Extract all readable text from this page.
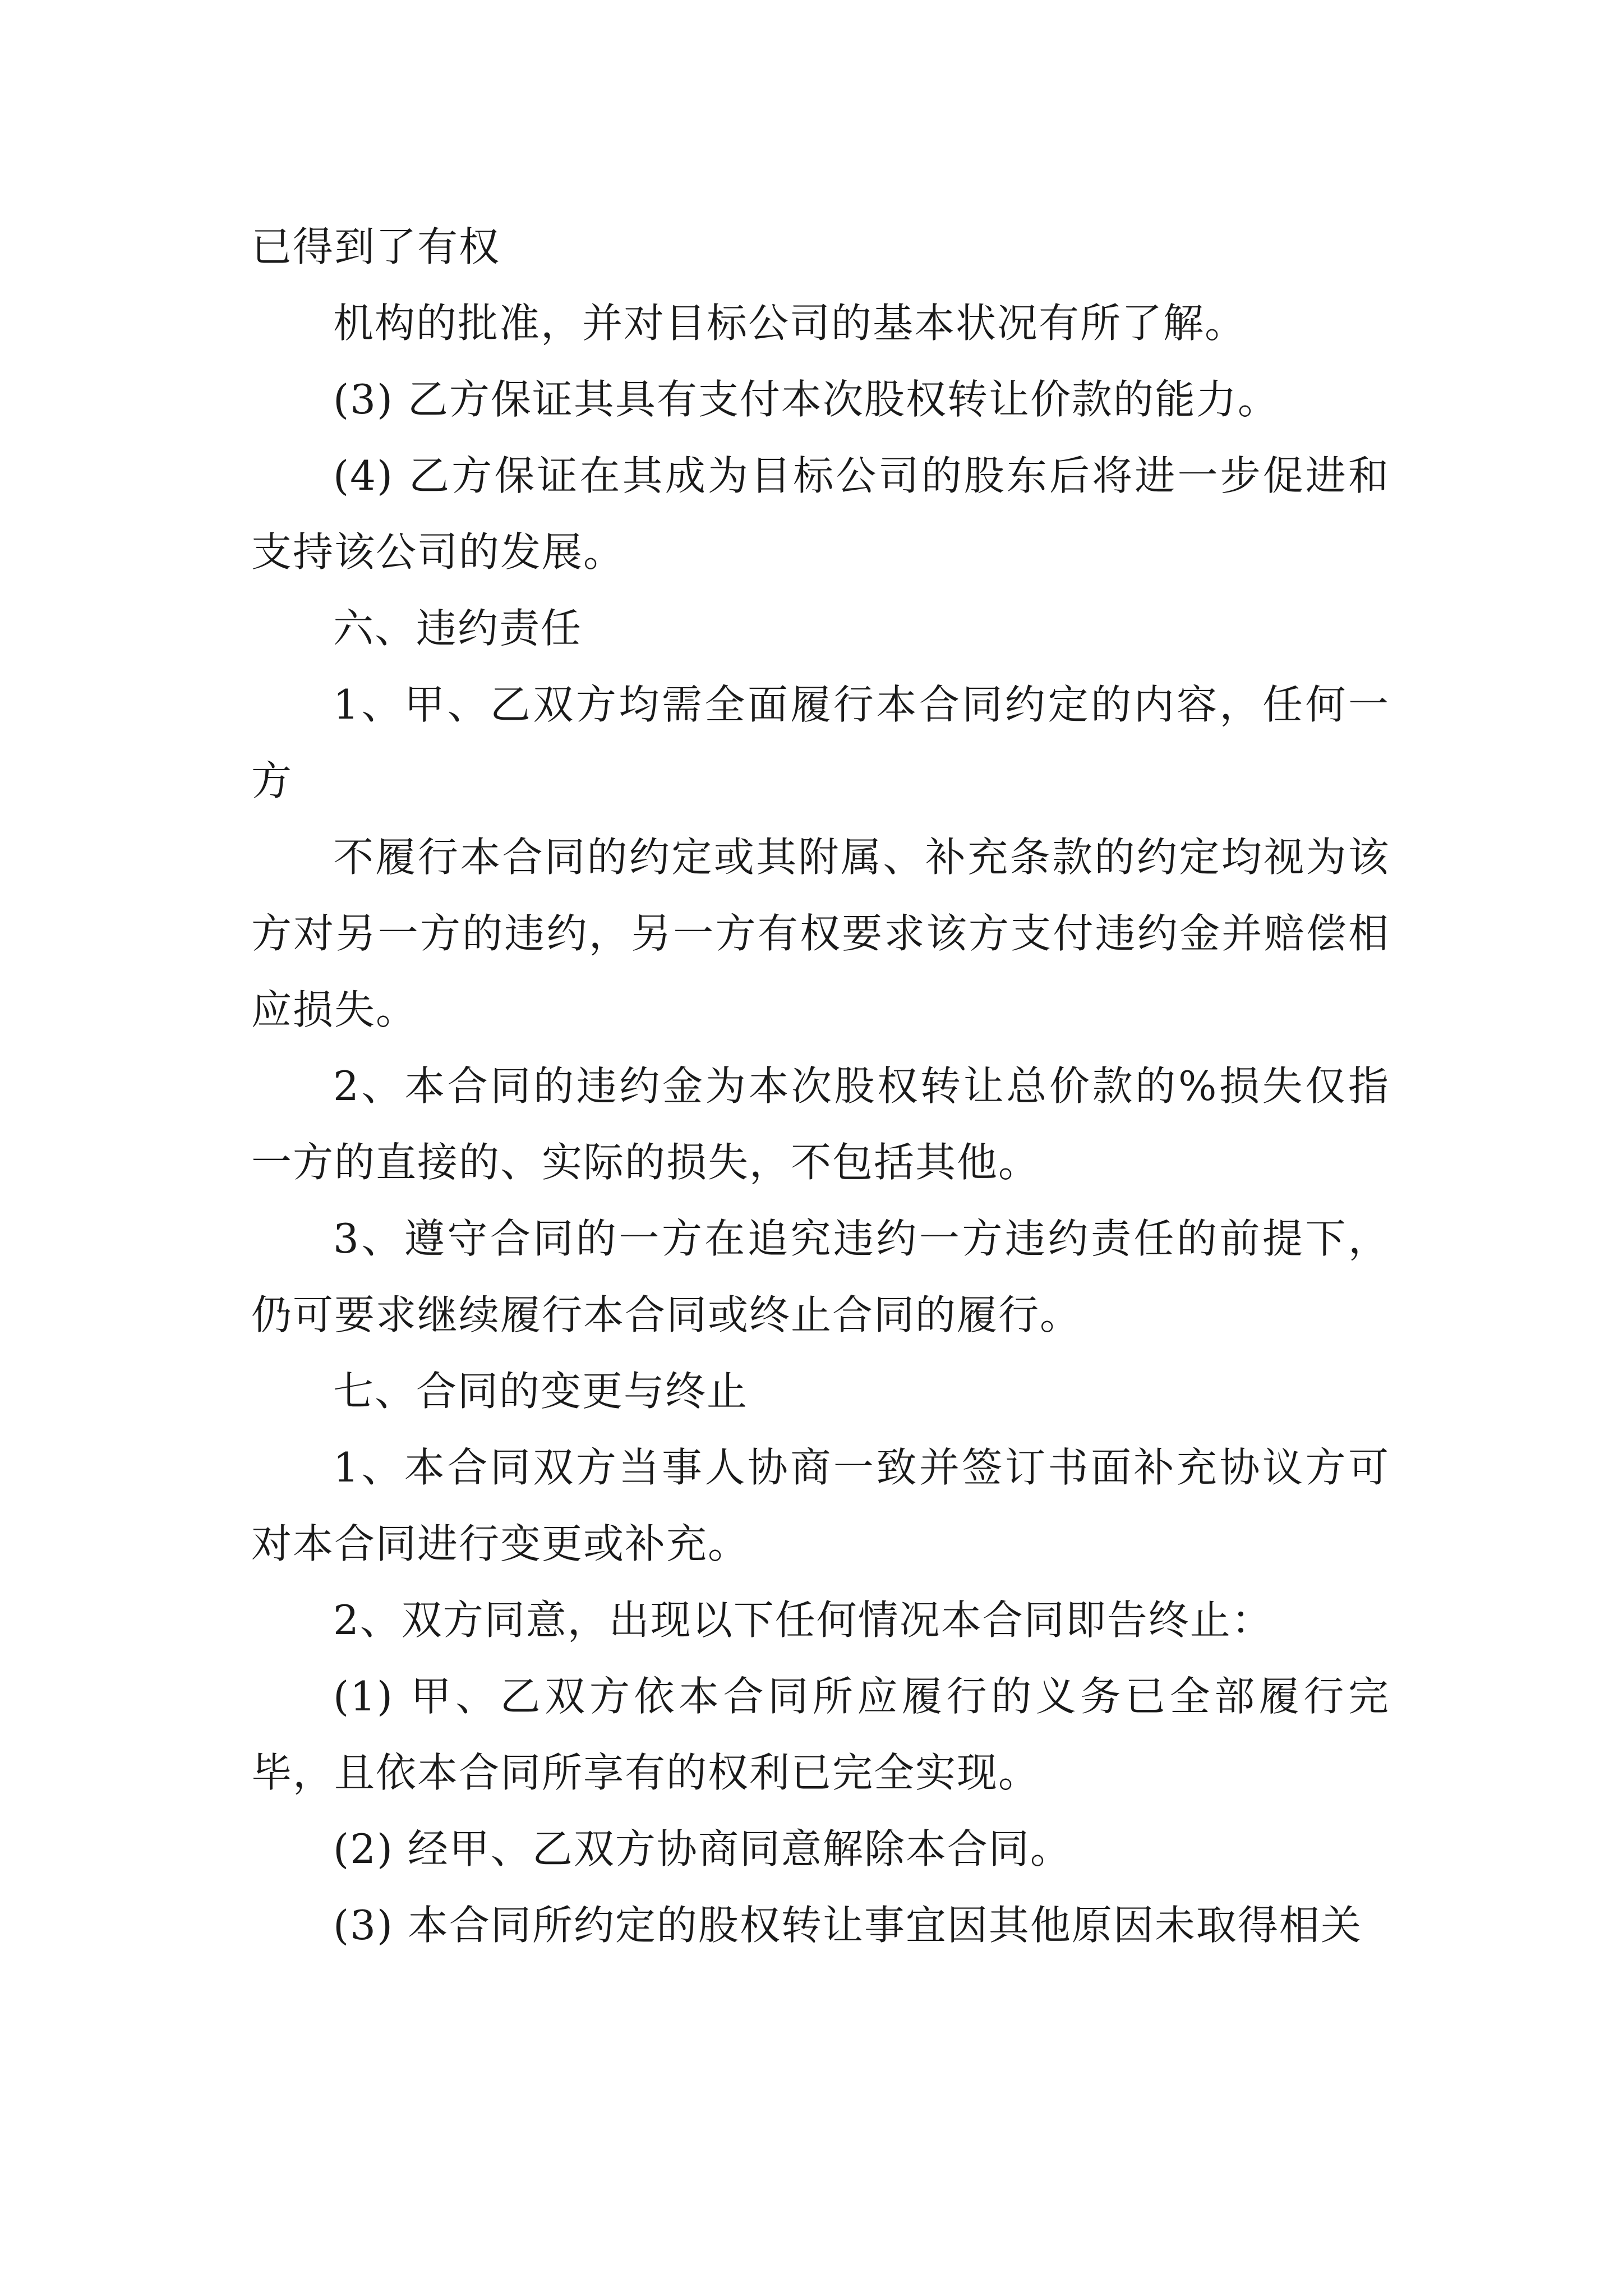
已得到了有权

机构的批准，并对目标公司的基本状况有所了解。

(3) 乙方保证其具有支付本次股权转让价款的能力。

(4) 乙方保证在其成为目标公司的股东后将进一步促进和支持该公司的发展。

六、违约责任

1、甲、乙双方均需全面履行本合同约定的内容，任何一方

不履行本合同的约定或其附属、补充条款的约定均视为该方对另一方的违约，另一方有权要求该方支付违约金并赔偿相应损失。

2、本合同的违约金为本次股权转让总价款的%损失仅指一方的直接的、实际的损失，不包括其他。

3、遵守合同的一方在追究违约一方违约责任的前提下，仍可要求继续履行本合同或终止合同的履行。

七、合同的变更与终止

1、本合同双方当事人协商一致并签订书面补充协议方可对本合同进行变更或补充。

2、双方同意，出现以下任何情况本合同即告终止：

(1) 甲、乙双方依本合同所应履行的义务已全部履行完毕，且依本合同所享有的权利已完全实现。

(2) 经甲、乙双方协商同意解除本合同。

(3) 本合同所约定的股权转让事宜因其他原因未取得相关
